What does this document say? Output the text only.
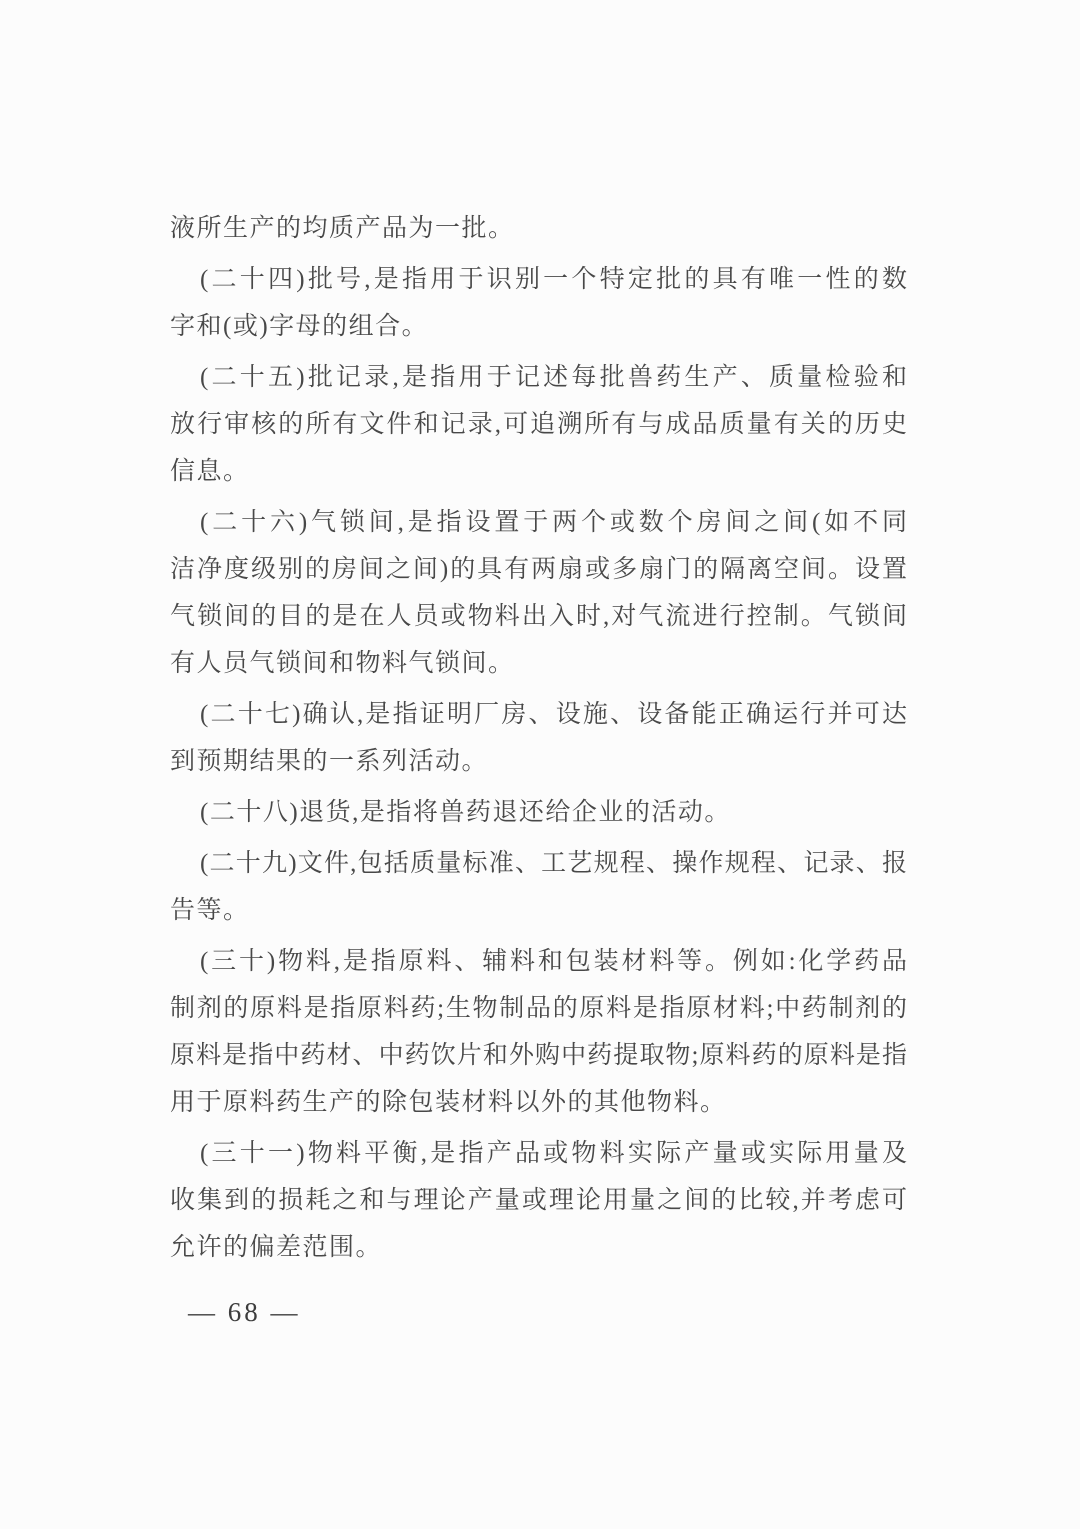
液所生产的均质产品为一批。
(二十四)批号,是指用于识别一个特定批的具有唯一性的数
字和(或)字母的组合。
(二十五)批记录,是指用于记述每批兽药生产、质量检验和
放行审核的所有文件和记录,可追溯所有与成品质量有关的历史
信息。
(二十六)气锁间,是指设置于两个或数个房间之间(如不同
洁净度级别的房间之间)的具有两扇或多扇门的隔离空间。设置
气锁间的目的是在人员或物料出入时,对气流进行控制。气锁间
有人员气锁间和物料气锁间。
(二十七)确认,是指证明厂房、设施、设备能正确运行并可达
到预期结果的一系列活动。
(二十八)退货,是指将兽药退还给企业的活动。
(二十九)文件,包括质量标准、工艺规程、操作规程、记录、报
告等。
(三十)物料,是指原料、辅料和包装材料等。例如:化学药品
制剂的原料是指原料药;生物制品的原料是指原材料;中药制剂的
原料是指中药材、中药饮片和外购中药提取物;原料药的原料是指
用于原料药生产的除包装材料以外的其他物料。
(三十一)物料平衡,是指产品或物料实际产量或实际用量及
收集到的损耗之和与理论产量或理论用量之间的比较,并考虑可
允许的偏差范围。
— 68 —
